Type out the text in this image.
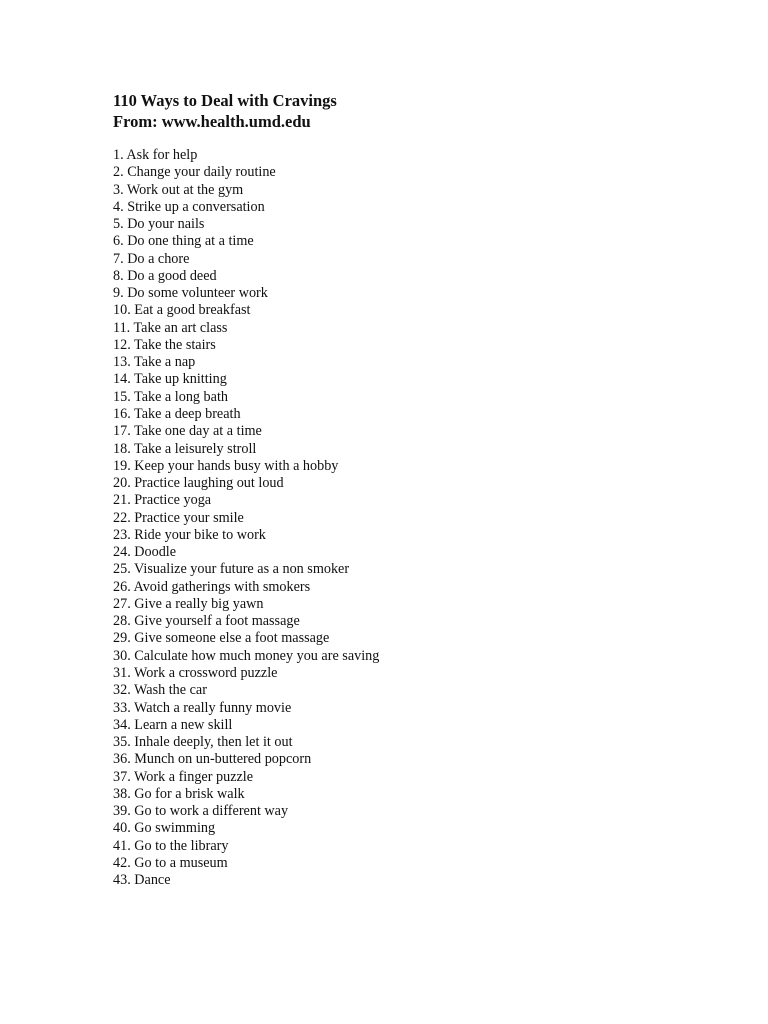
110 Ways to Deal with Cravings
From: www.health.umd.edu
1. Ask for help
2. Change your daily routine
3. Work out at the gym
4. Strike up a conversation
5. Do your nails
6. Do one thing at a time
7. Do a chore
8. Do a good deed
9. Do some volunteer work
10. Eat a good breakfast
11. Take an art class
12. Take the stairs
13. Take a nap
14. Take up knitting
15. Take a long bath
16. Take a deep breath
17. Take one day at a time
18. Take a leisurely stroll
19. Keep your hands busy with a hobby
20. Practice laughing out loud
21. Practice yoga
22. Practice your smile
23. Ride your bike to work
24. Doodle
25. Visualize your future as a non smoker
26. Avoid gatherings with smokers
27. Give a really big yawn
28. Give yourself a foot massage
29. Give someone else a foot massage
30. Calculate how much money you are saving
31. Work a crossword puzzle
32. Wash the car
33. Watch a really funny movie
34. Learn a new skill
35. Inhale deeply, then let it out
36. Munch on un-buttered popcorn
37. Work a finger puzzle
38. Go for a brisk walk
39. Go to work a different way
40. Go swimming
41. Go to the library
42. Go to a museum
43. Dance
